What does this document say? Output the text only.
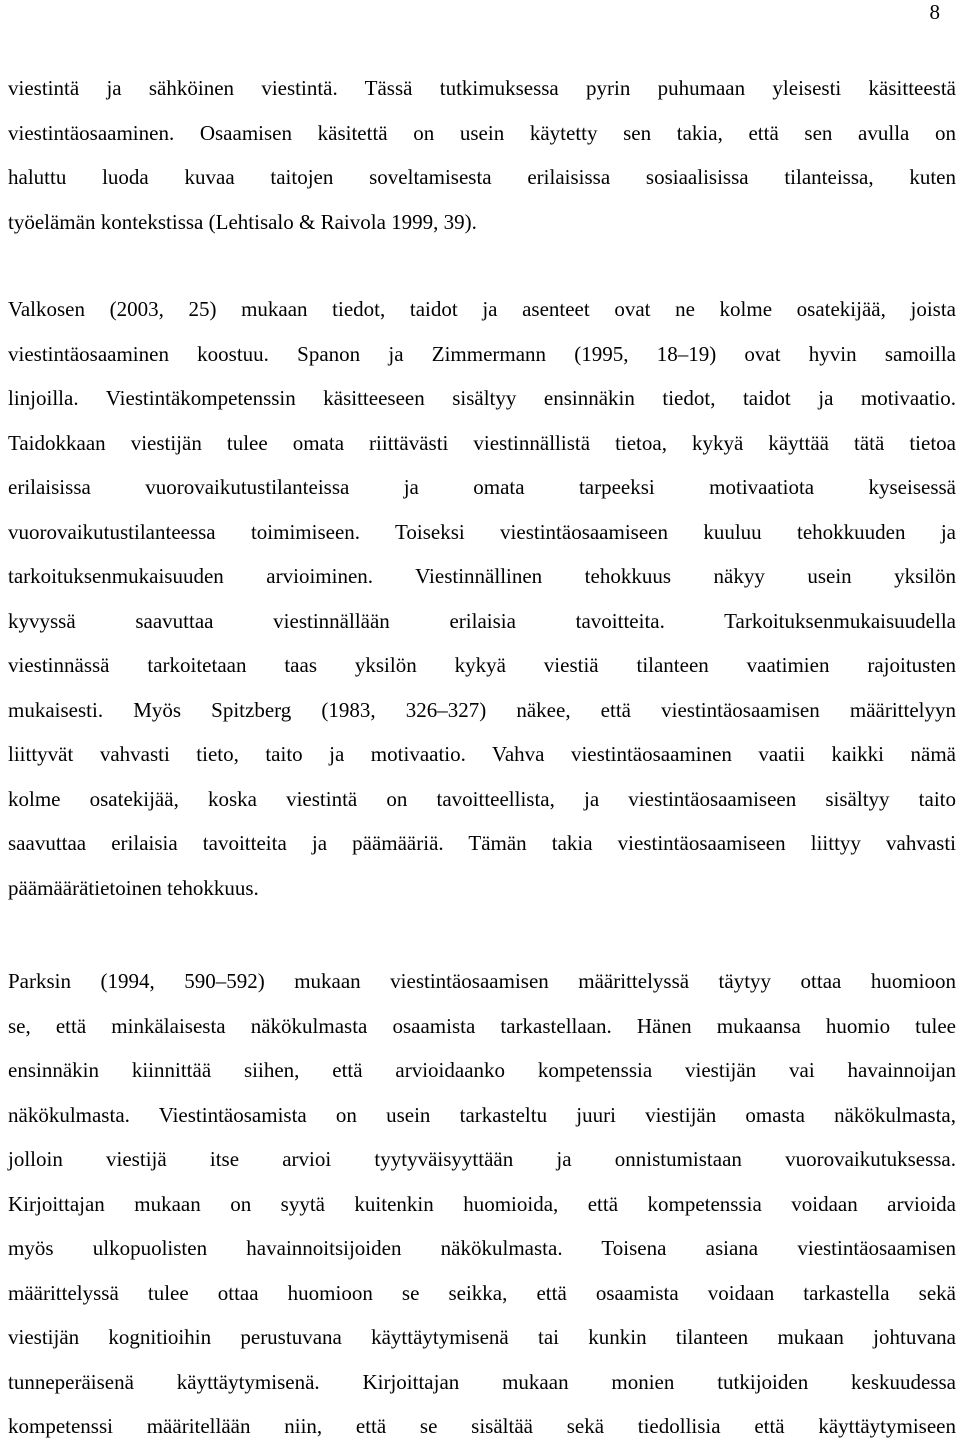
8
viestintä ja sähköinen viestintä. Tässä tutkimuksessa pyrin puhumaan yleisesti käsitteestä
viestintäosaaminen. Osaamisen käsitettä on usein käytetty sen takia, että sen avulla on
haluttu luoda kuvaa taitojen soveltamisesta erilaisissa sosiaalisissa tilanteissa, kuten
työelämän kontekstissa (Lehtisalo & Raivola 1999, 39).
Valkosen (2003, 25) mukaan tiedot, taidot ja asenteet ovat ne kolme osatekijää, joista
viestintäosaaminen koostuu. Spanon ja Zimmermann (1995, 18–19) ovat hyvin samoilla
linjoilla. Viestintäkompetenssin käsitteeseen sisältyy ensinnäkin tiedot, taidot ja motivaatio.
Taidokkaan viestijän tulee omata riittävästi viestinnällistä tietoa, kykyä käyttää tätä tietoa
erilaisissa vuorovaikutustilanteissa ja omata tarpeeksi motivaatiota kyseisessä
vuorovaikutustilanteessa toimimiseen. Toiseksi viestintäosaamiseen kuuluu tehokkuuden ja
tarkoituksenmukaisuuden arvioiminen. Viestinnällinen tehokkuus näkyy usein yksilön
kyvyssä saavuttaa viestinnällään erilaisia tavoitteita. Tarkoituksenmukaisuudella
viestinnässä tarkoitetaan taas yksilön kykyä viestiä tilanteen vaatimien rajoitusten
mukaisesti. Myös Spitzberg (1983, 326–327) näkee, että viestintäosaamisen määrittelyyn
liittyvät vahvasti tieto, taito ja motivaatio. Vahva viestintäosaaminen vaatii kaikki nämä
kolme osatekijää, koska viestintä on tavoitteellista, ja viestintäosaamiseen sisältyy taito
saavuttaa erilaisia tavoitteita ja päämääriä. Tämän takia viestintäosaamiseen liittyy vahvasti
päämäärätietoinen tehokkuus.
Parksin (1994, 590–592) mukaan viestintäosaamisen määrittelyssä täytyy ottaa huomioon
se, että minkälaisesta näkökulmasta osaamista tarkastellaan. Hänen mukaansa huomio tulee
ensinnäkin kiinnittää siihen, että arvioidaanko kompetenssia viestijän vai havainnoijan
näkökulmasta. Viestintäosamista on usein tarkasteltu juuri viestijän omasta näkökulmasta,
jolloin viestijä itse arvioi tyytyväisyyttään ja onnistumistaan vuorovaikutuksessa.
Kirjoittajan mukaan on syytä kuitenkin huomioida, että kompetenssia voidaan arvioida
myös ulkopuolisten havainnoitsijoiden näkökulmasta. Toisena asiana viestintäosaamisen
määrittelyssä tulee ottaa huomioon se seikka, että osaamista voidaan tarkastella sekä
viestijän kognitioihin perustuvana käyttäytymisenä tai kunkin tilanteen mukaan johtuvana
tunneperäisenä käyttäytymisenä. Kirjoittajan mukaan monien tutkijoiden keskuudessa
kompetenssi määritellään niin, että se sisältää sekä tiedollisia että käyttäytymiseen
